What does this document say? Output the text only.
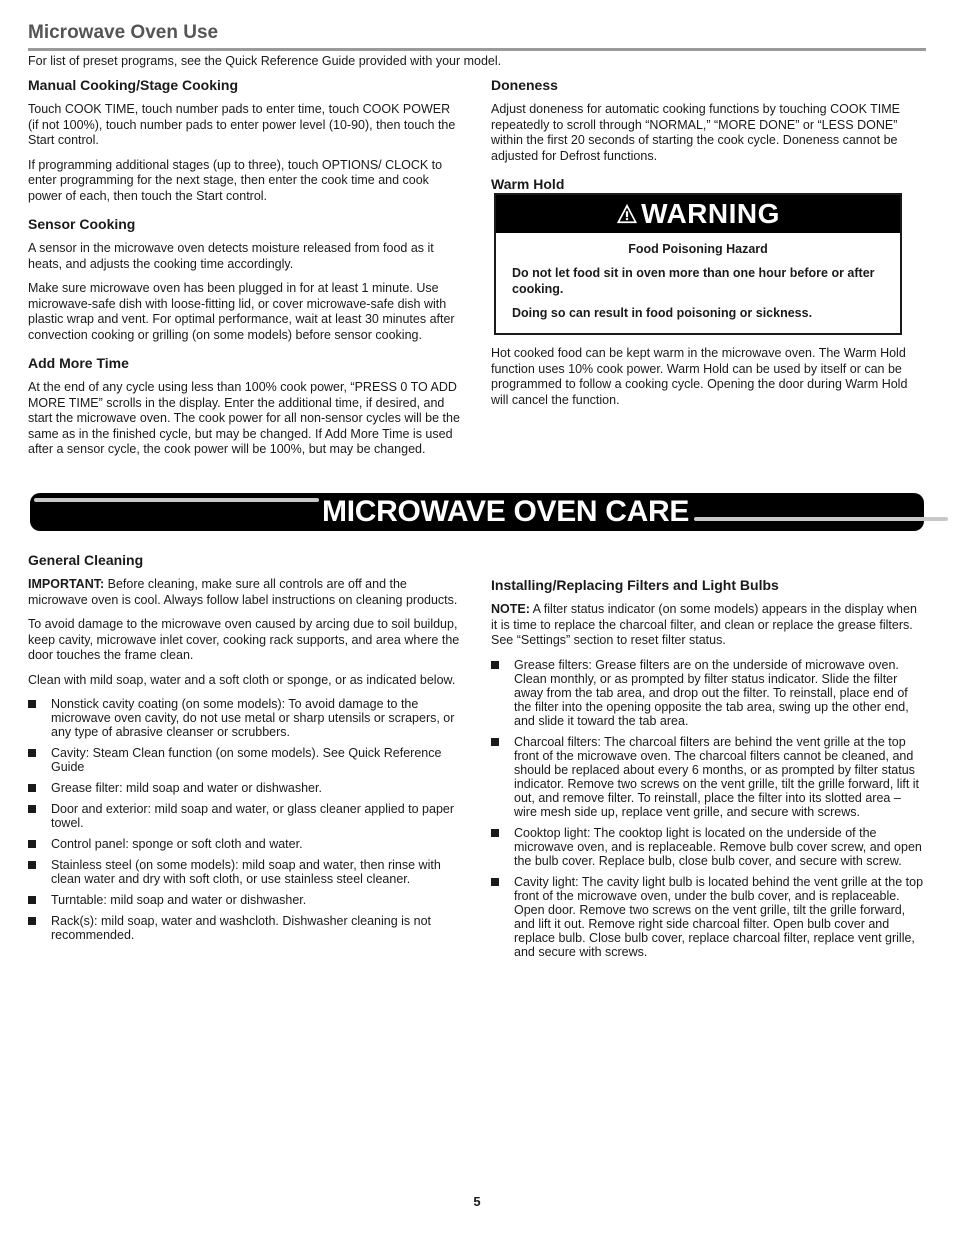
Microwave Oven Use

For list of preset programs, see the Quick Reference Guide provided with your model.

Manual Cooking/Stage Cooking

Touch COOK TIME, touch number pads to enter time, touch COOK POWER (if not 100%), touch number pads to enter power level (10-90), then touch the Start control.

If programming additional stages (up to three), touch OPTIONS/ CLOCK to enter programming for the next stage, then enter the cook time and cook power of each, then touch the Start control.

Sensor Cooking

A sensor in the microwave oven detects moisture released from food as it heats, and adjusts the cooking time accordingly.

Make sure microwave oven has been plugged in for at least 1 minute. Use microwave-safe dish with loose-fitting lid, or cover microwave-safe dish with plastic wrap and vent. For optimal performance, wait at least 30 minutes after convection cooking or grilling (on some models) before sensor cooking.

Add More Time

At the end of any cycle using less than 100% cook power, “PRESS 0 TO ADD MORE TIME” scrolls in the display. Enter the additional time, if desired, and start the microwave oven. The cook power for all non-sensor cycles will be the same as in the finished cycle, but may be changed. If Add More Time is used after a sensor cycle, the cook power will be 100%, but may be changed.

Doneness

Adjust doneness for automatic cooking functions by touching COOK TIME repeatedly to scroll through “NORMAL,” “MORE DONE” or “LESS DONE” within the first 20 seconds of starting the cook cycle. Doneness cannot be adjusted for Defrost functions.

Warm Hold
WARNING
Food Poisoning Hazard

Do not let food sit in oven more than one hour before or after cooking.

Doing so can result in food poisoning or sickness.

Hot cooked food can be kept warm in the microwave oven. The Warm Hold function uses 10% cook power. Warm Hold can be used by itself or can be programmed to follow a cooking cycle. Opening the door during Warm Hold will cancel the function.

MICROWAVE OVEN CARE
General Cleaning

IMPORTANT: Before cleaning, make sure all controls are off and the microwave oven is cool. Always follow label instructions on cleaning products.

To avoid damage to the microwave oven caused by arcing due to soil buildup, keep cavity, microwave inlet cover, cooking rack supports, and area where the door touches the frame clean.

Clean with mild soap, water and a soft cloth or sponge, or as indicated below.

Nonstick cavity coating (on some models): To avoid damage to the microwave oven cavity, do not use metal or sharp utensils or scrapers, or any type of abrasive cleanser or scrubbers.
Cavity: Steam Clean function (on some models). See Quick Reference Guide
Grease filter: mild soap and water or dishwasher.
Door and exterior: mild soap and water, or glass cleaner applied to paper towel.
Control panel: sponge or soft cloth and water.
Stainless steel (on some models): mild soap and water, then rinse with clean water and dry with soft cloth, or use stainless steel cleaner.
Turntable: mild soap and water or dishwasher.
Rack(s): mild soap, water and washcloth. Dishwasher cleaning is not recommended.
Installing/Replacing Filters and Light Bulbs

NOTE: A filter status indicator (on some models) appears in the display when it is time to replace the charcoal filter, and clean or replace the grease filters. See “Settings” section to reset filter status.

Grease filters: Grease filters are on the underside of microwave oven. Clean monthly, or as prompted by filter status indicator. Slide the filter away from the tab area, and drop out the filter. To reinstall, place end of the filter into the opening opposite the tab area, swing up the other end, and slide it toward the tab area.
Charcoal filters: The charcoal filters are behind the vent grille at the top front of the microwave oven. The charcoal filters cannot be cleaned, and should be replaced about every 6 months, or as prompted by filter status indicator. Remove two screws on the vent grille, tilt the grille forward, lift it out, and remove filter. To reinstall, place the filter into its slotted area – wire mesh side up, replace vent grille, and secure with screws.
Cooktop light: The cooktop light is located on the underside of the microwave oven, and is replaceable. Remove bulb cover screw, and open the bulb cover. Replace bulb, close bulb cover, and secure with screw.
Cavity light: The cavity light bulb is located behind the vent grille at the top front of the microwave oven, under the bulb cover, and is replaceable. Open door. Remove two screws on the vent grille, tilt the grille forward, and lift it out. Remove right side charcoal filter. Open bulb cover and replace bulb. Close bulb cover, replace charcoal filter, replace vent grille, and secure with screws.
5
